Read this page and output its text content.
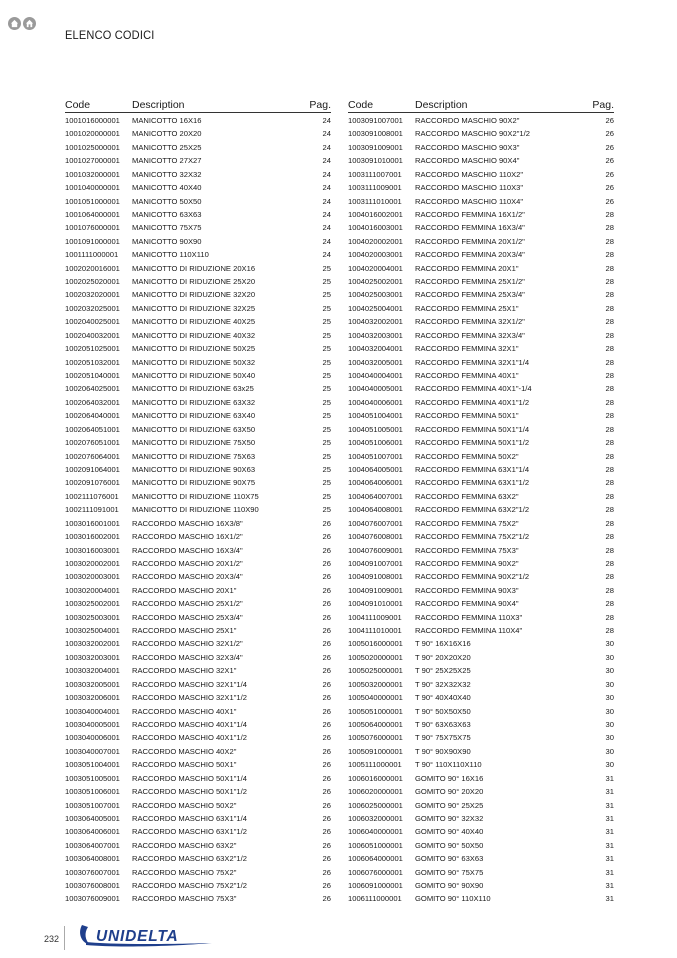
ELENCO CODICI
Code	Description	Pag.
1001016000001 MANICOTTO 16X16	24
1001020000001 MANICOTTO 20X20	24
1001025000001 MANICOTTO 25X25	24
1001027000001 MANICOTTO 27X27	24
1001032000001 MANICOTTO 32X32	24
1001040000001 MANICOTTO 40X40	24
1001051000001 MANICOTTO 50X50	24
1001064000001 MANICOTTO 63X63	24
1001076000001 MANICOTTO 75X75	24
1001091000001 MANICOTTO 90X90	24
1001111000001 MANICOTTO 110X110	24
1002020016001 MANICOTTO DI RIDUZIONE 20X16	25
1002025020001 MANICOTTO DI RIDUZIONE 25X20	25
1002032020001 MANICOTTO DI RIDUZIONE 32X20	25
1002032025001 MANICOTTO DI RIDUZIONE 32X25	25
1002040025001 MANICOTTO DI RIDUZIONE 40X25	25
1002040032001 MANICOTTO DI RIDUZIONE 40X32	25
1002051025001 MANICOTTO DI RIDUZIONE 50X25	25
1002051032001 MANICOTTO DI RIDUZIONE 50X32	25
1002051040001 MANICOTTO DI RIDUZIONE 50X40	25
1002064025001 MANICOTTO DI RIDUZIONE 63x25	25
1002064032001 MANICOTTO DI RIDUZIONE 63X32	25
1002064040001 MANICOTTO DI RIDUZIONE 63X40	25
1002064051001 MANICOTTO DI RIDUZIONE 63X50	25
1002076051001 MANICOTTO DI RIDUZIONE 75X50	25
1002076064001 MANICOTTO DI RIDUZIONE 75X63	25
1002091064001 MANICOTTO DI RIDUZIONE 90X63	25
1002091076001 MANICOTTO DI RIDUZIONE 90X75	25
1002111076001 MANICOTTO DI RIDUZIONE 110X75	25
1002111091001 MANICOTTO DI RIDUZIONE 110X90	25
1003016001001 RACCORDO MASCHIO 16X3/8"	26
1003016002001 RACCORDO MASCHIO 16X1/2"	26
1003016003001 RACCORDO MASCHIO 16X3/4"	26
1003020002001 RACCORDO MASCHIO 20X1/2"	26
1003020003001 RACCORDO MASCHIO 20X3/4"	26
1003020004001 RACCORDO MASCHIO 20X1"	26
1003025002001 RACCORDO MASCHIO 25X1/2"	26
1003025003001 RACCORDO MASCHIO 25X3/4"	26
1003025004001 RACCORDO MASCHIO 25X1"	26
1003032002001 RACCORDO MASCHIO 32X1/2"	26
1003032003001 RACCORDO MASCHIO 32X3/4"	26
1003032004001 RACCORDO MASCHIO 32X1"	26
1003032005001 RACCORDO MASCHIO 32X1"1/4	26
1003032006001 RACCORDO MASCHIO 32X1"1/2	26
1003040004001 RACCORDO MASCHIO 40X1"	26
1003040005001 RACCORDO MASCHIO 40X1"1/4	26
1003040006001 RACCORDO MASCHIO 40X1"1/2	26
1003040007001 RACCORDO MASCHIO 40X2"	26
1003051004001 RACCORDO MASCHIO 50X1"	26
1003051005001 RACCORDO MASCHIO 50X1"1/4	26
1003051006001 RACCORDO MASCHIO 50X1"1/2	26
1003051007001 RACCORDO MASCHIO 50X2"	26
1003064005001 RACCORDO MASCHIO 63X1"1/4	26
1003064006001 RACCORDO MASCHIO 63X1"1/2	26
1003064007001 RACCORDO MASCHIO 63X2"	26
1003064008001 RACCORDO MASCHIO 63X2"1/2	26
1003076007001 RACCORDO MASCHIO 75X2"	26
1003076008001 RACCORDO MASCHIO 75X2"1/2	26
1003076009001 RACCORDO MASCHIO 75X3"	26
Code	Description	Pag.
1003091007001 RACCORDO MASCHIO 90X2"	26
1003091008001 RACCORDO MASCHIO 90X2"1/2	26
1003091009001 RACCORDO MASCHIO 90X3"	26
1003091010001 RACCORDO MASCHIO 90X4"	26
1003111007001 RACCORDO MASCHIO 110X2"	26
1003111009001 RACCORDO MASCHIO 110X3"	26
1003111010001 RACCORDO MASCHIO 110X4"	26
1004016002001 RACCORDO FEMMINA 16X1/2"	28
1004016003001 RACCORDO FEMMINA 16X3/4"	28
1004020002001 RACCORDO FEMMINA 20X1/2"	28
1004020003001 RACCORDO FEMMINA 20X3/4"	28
1004020004001 RACCORDO FEMMINA 20X1"	28
1004025002001 RACCORDO FEMMINA 25X1/2"	28
1004025003001 RACCORDO FEMMINA 25X3/4"	28
1004025004001 RACCORDO FEMMINA 25X1"	28
1004032002001 RACCORDO FEMMINA 32X1/2"	28
1004032003001 RACCORDO FEMMINA 32X3/4"	28
1004032004001 RACCORDO FEMMINA 32X1"	28
1004032005001 RACCORDO FEMMINA 32X1"1/4	28
1004040004001 RACCORDO FEMMINA 40X1"	28
1004040005001 RACCORDO FEMMINA 40X1"-1/4	28
1004040006001 RACCORDO FEMMINA 40X1"1/2	28
1004051004001 RACCORDO FEMMINA 50X1"	28
1004051005001 RACCORDO FEMMINA 50X1"1/4	28
1004051006001 RACCORDO FEMMINA 50X1"1/2	28
1004051007001 RACCORDO FEMMINA 50X2"	28
1004064005001 RACCORDO FEMMINA 63X1"1/4	28
1004064006001 RACCORDO FEMMINA 63X1"1/2	28
1004064007001 RACCORDO FEMMINA 63X2"	28
1004064008001 RACCORDO FEMMINA 63X2"1/2	28
1004076007001 RACCORDO FEMMINA 75X2"	28
1004076008001 RACCORDO FEMMINA 75X2"1/2	28
1004076009001 RACCORDO FEMMINA 75X3"	28
1004091007001 RACCORDO FEMMINA 90X2"	28
1004091008001 RACCORDO FEMMINA 90X2"1/2	28
1004091009001 RACCORDO FEMMINA 90X3"	28
1004091010001 RACCORDO FEMMINA 90X4"	28
1004111009001 RACCORDO FEMMINA 110X3"	28
1004111010001 RACCORDO FEMMINA 110X4"	28
1005016000001 T 90° 16X16X16	30
1005020000001 T 90° 20X20X20	30
1005025000001 T 90° 25X25X25	30
1005032000001 T 90° 32X32X32	30
1005040000001 T 90° 40X40X40	30
1005051000001 T 90° 50X50X50	30
1005064000001 T 90° 63X63X63	30
1005076000001 T 90° 75X75X75	30
1005091000001 T 90° 90X90X90	30
1005111000001 T 90° 110X110X110	30
1006016000001 GOMITO 90° 16X16	31
1006020000001 GOMITO 90° 20X20	31
1006025000001 GOMITO 90° 25X25	31
1006032000001 GOMITO 90° 32X32	31
1006040000001 GOMITO 90° 40X40	31
1006051000001 GOMITO 90° 50X50	31
1006064000001 GOMITO 90° 63X63	31
1006076000001 GOMITO 90° 75X75	31
1006091000001 GOMITO 90° 90X90	31
1006111000001 GOMITO 90° 110X110	31
232 UNIDELTA
